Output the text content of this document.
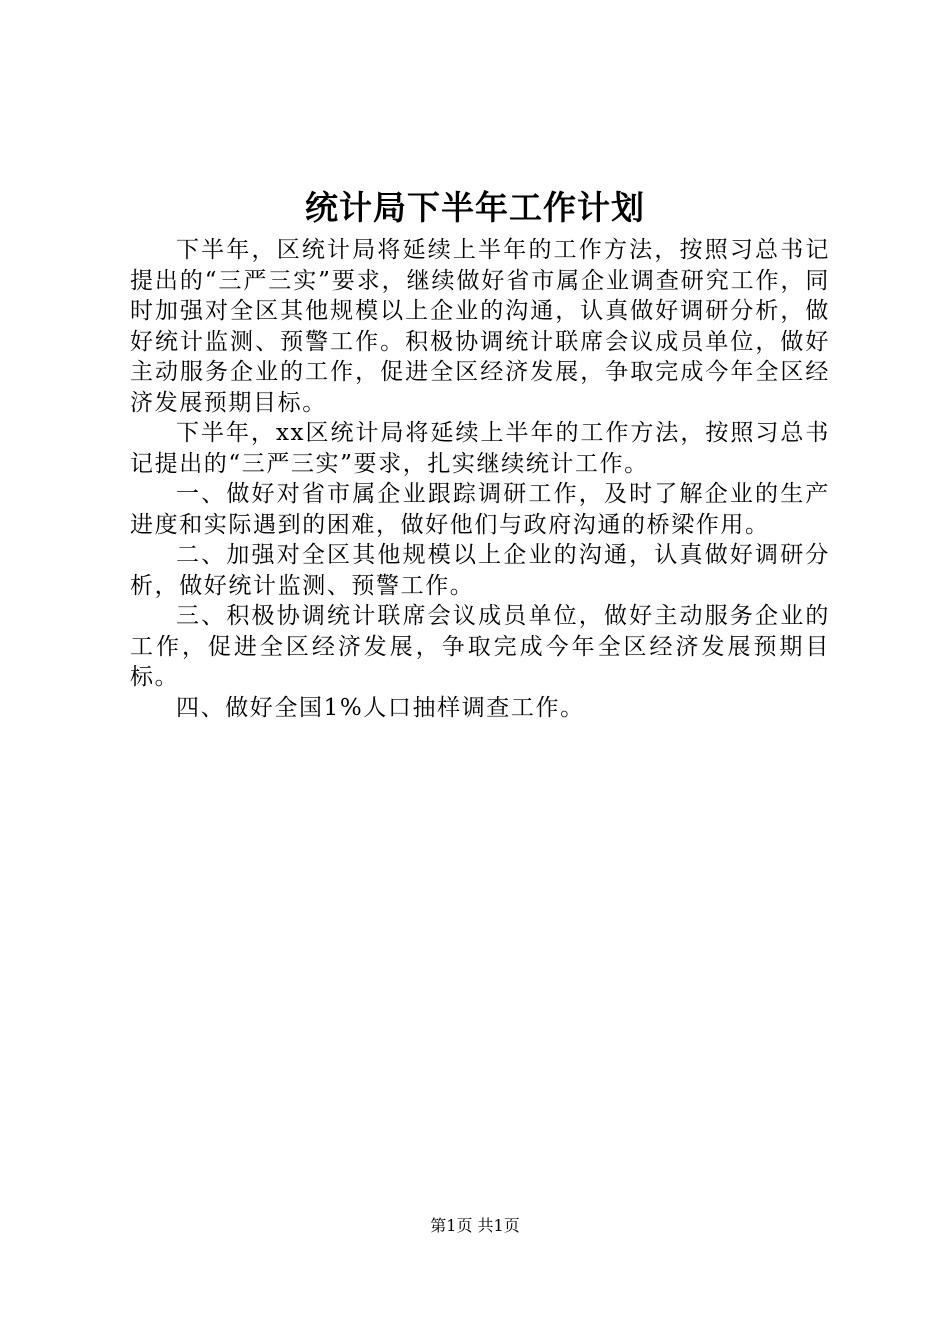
统计局下半年工作计划

下半年，区统计局将延续上半年的工作方法，按照习总书记提出的“三严三实”要求，继续做好省市属企业调查研究工作，同时加强对全区其他规模以上企业的沟通，认真做好调研分析，做好统计监测、预警工作。积极协调统计联席会议成员单位，做好主动服务企业的工作，促进全区经济发展，争取完成今年全区经济发展预期目标。

下半年，xx区统计局将延续上半年的工作方法，按照习总书记提出的“三严三实”要求，扎实继续统计工作。

一、做好对省市属企业跟踪调研工作，及时了解企业的生产进度和实际遇到的困难，做好他们与政府沟通的桥梁作用。

二、加强对全区其他规模以上企业的沟通，认真做好调研分析，做好统计监测、预警工作。

三、积极协调统计联席会议成员单位，做好主动服务企业的工作，促进全区经济发展，争取完成今年全区经济发展预期目标。

四、做好全国1%人口抽样调查工作。

第1页 共1页
